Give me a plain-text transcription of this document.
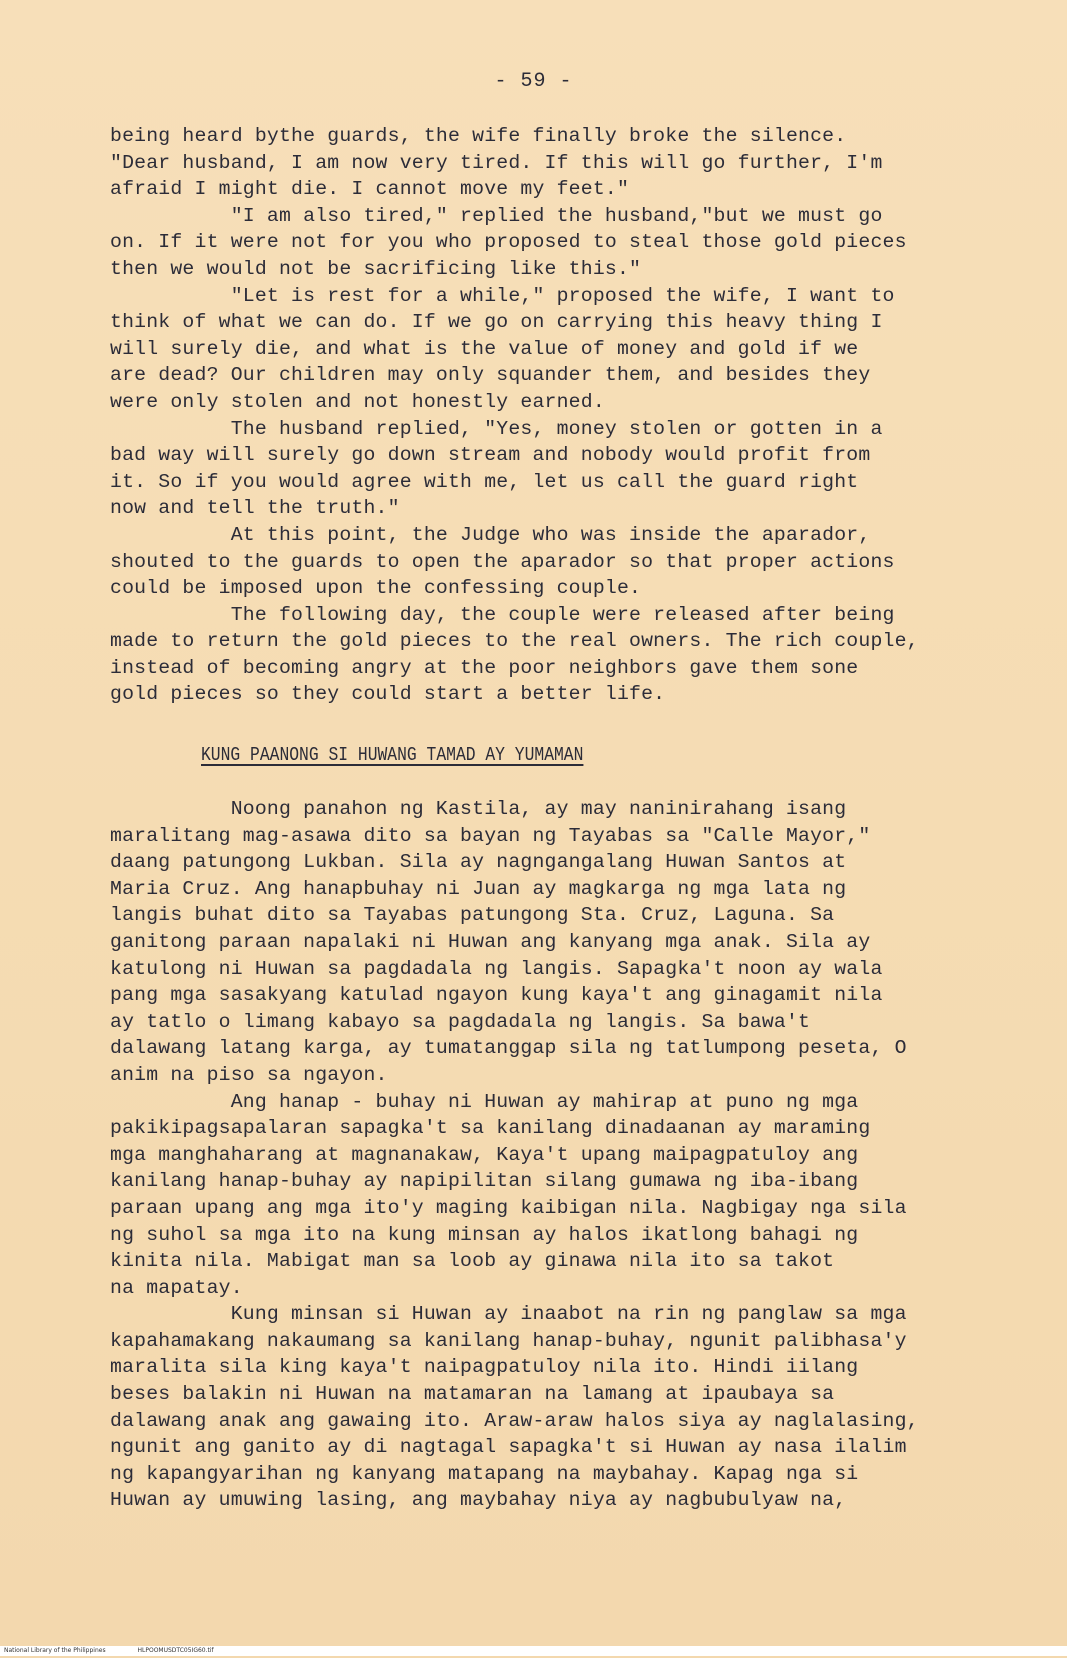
- 59 -
being heard bythe guards, the wife finally broke the silence.
"Dear husband, I am now very tired. If this will go further, I'm
afraid I might die. I cannot move my feet."
"I am also tired," replied the husband,"but we must go
on. If it were not for you who proposed to steal those gold pieces
then we would not be sacrificing like this."
"Let is rest for a while," proposed the wife, I want to
think of what we can do. If we go on carrying this heavy thing I
will surely die, and what is the value of money and gold if we
are dead? Our children may only squander them, and besides they
were only stolen and not honestly earned.
The husband replied, "Yes, money stolen or gotten in a
bad way will surely go down stream and nobody would profit from
it. So if you would agree with me, let us call the guard right
now and tell the truth."
At this point, the Judge who was inside the aparador,
shouted to the guards to open the aparador so that proper actions
could be imposed upon the confessing couple.
The following day, the couple were released after being
made to return the gold pieces to the real owners. The rich couple,
instead of becoming angry at the poor neighbors gave them sone
gold pieces so they could start a better life.
KUNG PAANONG SI HUWANG TAMAD AY YUMAMAN
Noong panahon ng Kastila, ay may naninirahang isang
maralitang mag-asawa dito sa bayan ng Tayabas sa "Calle Mayor,"
daang patungong Lukban. Sila ay nagngangalang Huwan Santos at
Maria Cruz. Ang hanapbuhay ni Juan ay magkarga ng mga lata ng
langis buhat dito sa Tayabas patungong Sta. Cruz, Laguna. Sa
ganitong paraan napalaki ni Huwan ang kanyang mga anak. Sila ay
katulong ni Huwan sa pagdadala ng langis. Sapagka't noon ay wala
pang mga sasakyang katulad ngayon kung kaya't ang ginagamit nila
ay tatlo o limang kabayo sa pagdadala ng langis. Sa bawa't
dalawang latang karga, ay tumatanggap sila ng tatlumpong peseta, O
anim na piso sa ngayon.
Ang hanap - buhay ni Huwan ay mahirap at puno ng mga
pakikipagsapalaran sapagka't sa kanilang dinadaanan ay maraming
mga manghaharang at magnanakaw, Kaya't upang maipagpatuloy ang
kanilang hanap-buhay ay napipilitan silang gumawa ng iba-ibang
paraan upang ang mga ito'y maging kaibigan nila. Nagbigay nga sila
ng suhol sa mga ito na kung minsan ay halos ikatlong bahagi ng
kinita nila. Mabigat man sa loob ay ginawa nila ito sa takot
na mapatay.
Kung minsan si Huwan ay inaabot na rin ng panglaw sa mga
kapahamakang nakaumang sa kanilang hanap-buhay, ngunit palibhasa'y
maralita sila king kaya't naipagpatuloy nila ito. Hindi iilang
beses balakin ni Huwan na matamaran na lamang at ipaubaya sa
dalawang anak ang gawaing ito. Araw-araw halos siya ay naglalasing,
ngunit ang ganito ay di nagtagal sapagka't si Huwan ay nasa ilalim
ng kapangyarihan ng kanyang matapang na maybahay. Kapag nga si
Huwan ay umuwing lasing, ang maybahay niya ay nagbubulyaw na,
National Library of the Philippines	HLPOOMUSDTC05IG60.tif
